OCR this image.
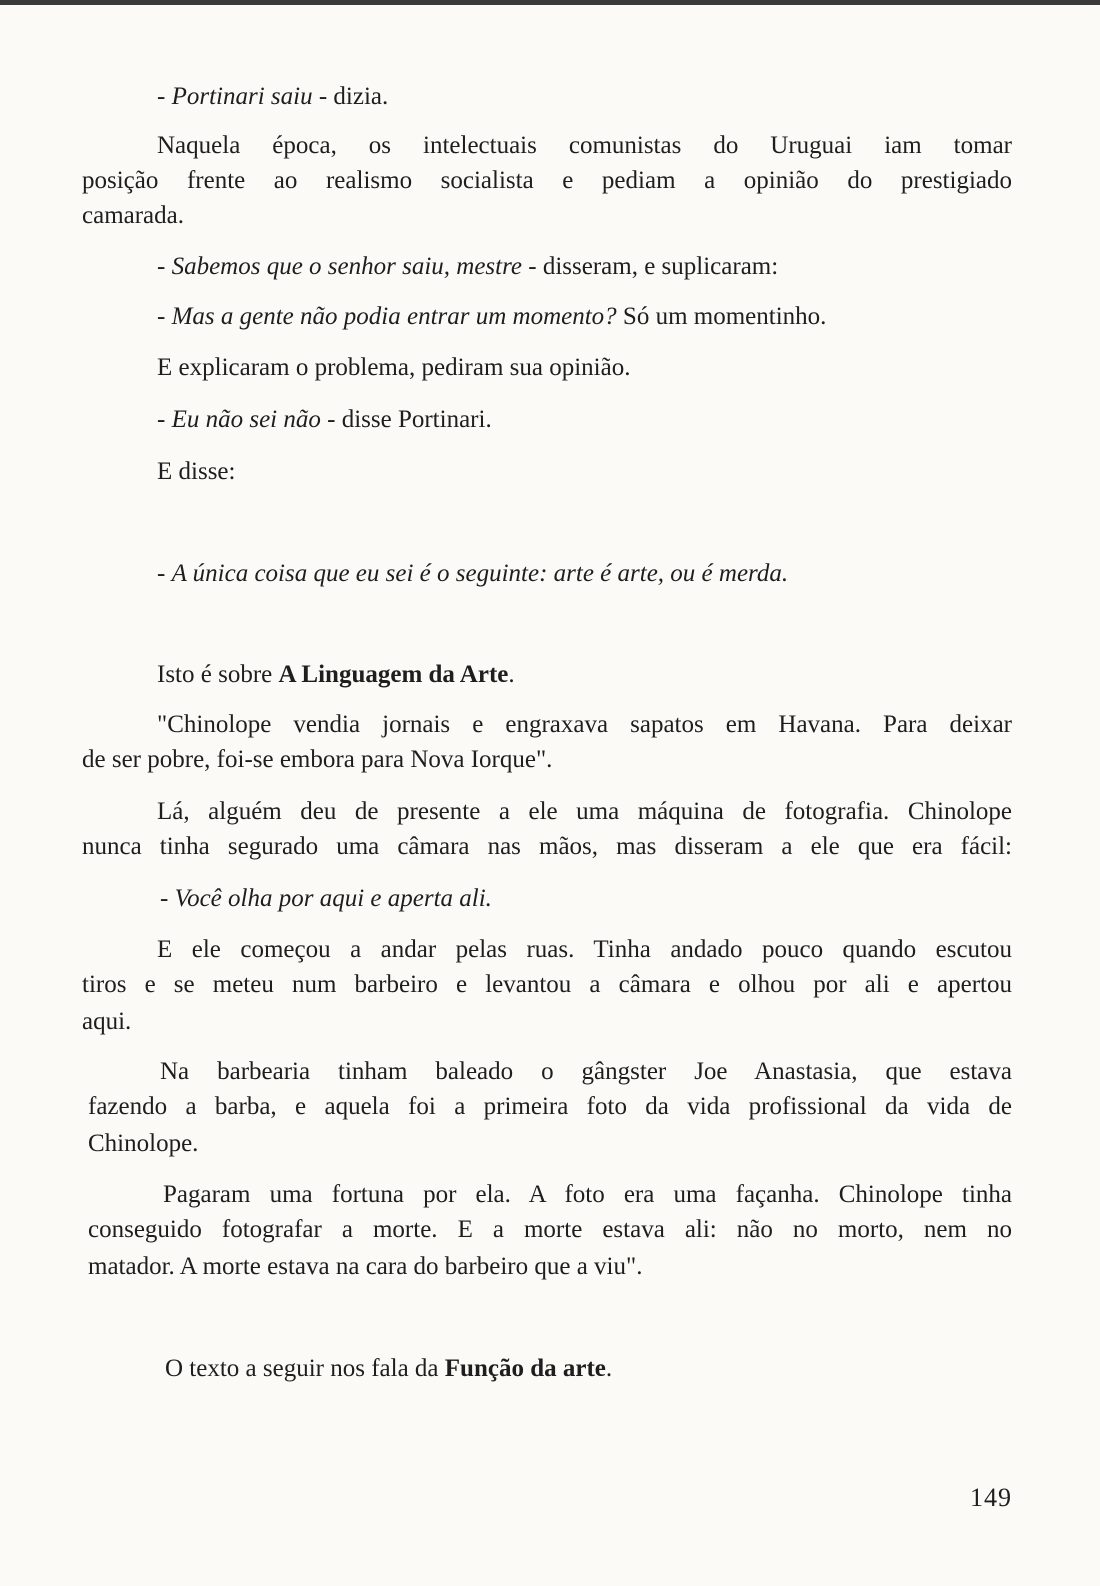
- Portinari saiu - dizia.
Naquela época, os intelectuais comunistas do Uruguai iam tomar
posição frente ao realismo socialista e pediam a opinião do prestigiado
camarada.
- Sabemos que o senhor saiu, mestre - disseram, e suplicaram:
- Mas a gente não podia entrar um momento? Só um momentinho.
E explicaram o problema, pediram sua opinião.
- Eu não sei não - disse Portinari.
E disse:
- A única coisa que eu sei é o seguinte: arte é arte, ou é merda.
Isto é sobre A Linguagem da Arte.
"Chinolope vendia jornais e engraxava sapatos em Havana. Para deixar
de ser pobre, foi-se embora para Nova Iorque".
Lá, alguém deu de presente a ele uma máquina de fotografia. Chinolope
nunca tinha segurado uma câmara nas mãos, mas disseram a ele que era fácil:
- Você olha por aqui e aperta ali.
E ele começou a andar pelas ruas. Tinha andado pouco quando escutou
tiros e se meteu num barbeiro e levantou a câmara e olhou por ali e apertou
aqui.
Na barbearia tinham baleado o gângster Joe Anastasia, que estava
fazendo a barba, e aquela foi a primeira foto da vida profissional da vida de
Chinolope.
Pagaram uma fortuna por ela. A foto era uma façanha. Chinolope tinha
conseguido fotografar a morte. E a morte estava ali: não no morto, nem no
matador. A morte estava na cara do barbeiro que a viu".
O texto a seguir nos fala da Função da arte.
149
